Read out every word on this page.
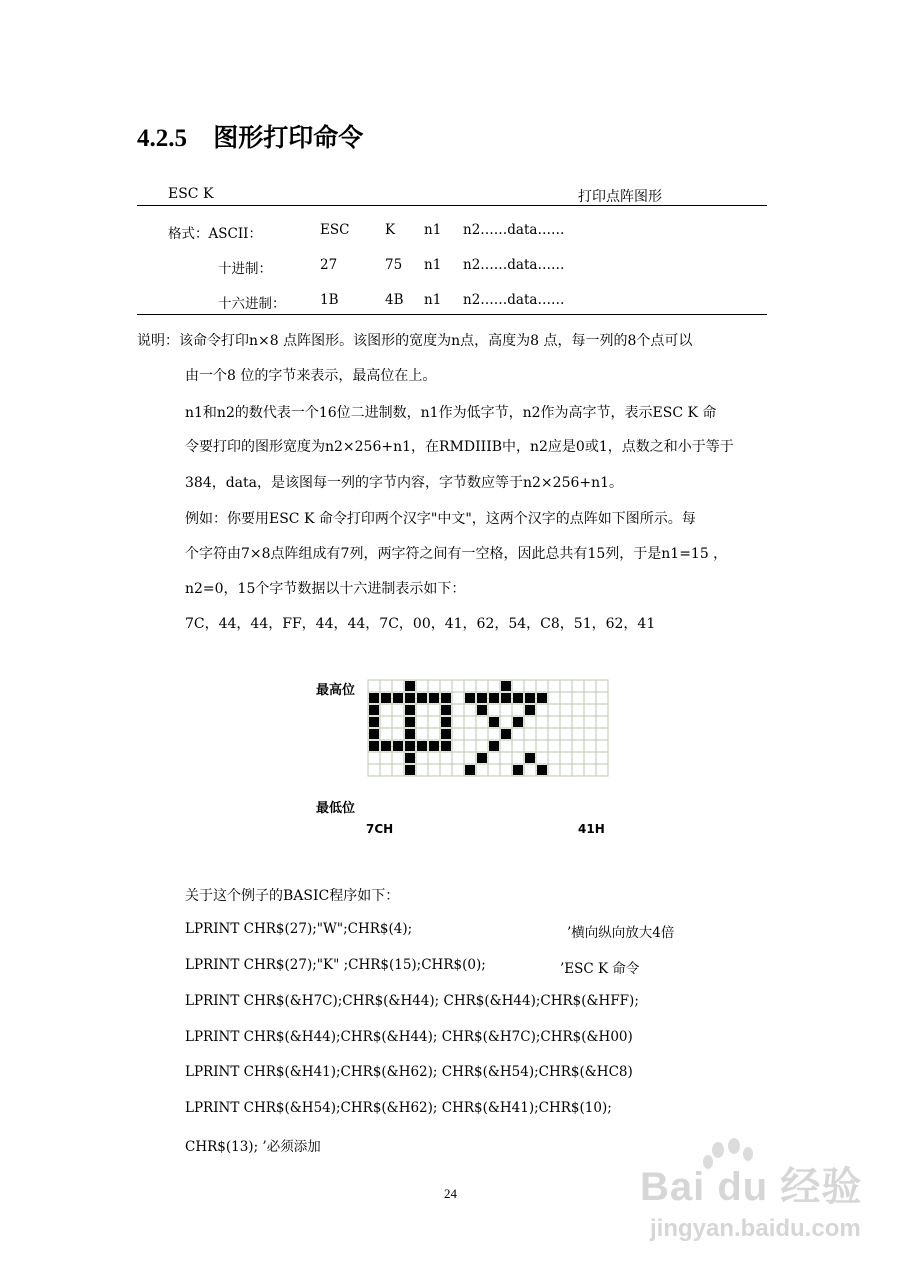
4.2.5 图形打印命令
ESC K	打印点阵图形
格式：ASCII：	ESC	K n1 n2……data……
十进制：	27	75 n1 n2……data……
十六进制：	1B	4B n1 n2……data……
说明：该命令打印n×8 点阵图形。该图形的宽度为n点，高度为8 点，每一列的8个点可以
由一个8 位的字节来表示，最高位在上。
n1和n2的数代表一个16位二进制数，n1作为低字节，n2作为高字节，表示ESC K 命
令要打印的图形宽度为n2×256+n1，在RMDIIIB中，n2应是0或1，点数之和小于等于
384，data，是该图每一列的字节内容，字节数应等于n2×256+n1。
例如：你要用ESC K 命令打印两个汉字"中文"，这两个汉字的点阵如下图所示。每
个字符由7×8点阵组成有7列，两字符之间有一空格，因此总共有15列，于是n1=15 ，
n2=0，15个字节数据以十六进制表示如下：
7C，44，44，FF，44，44，7C，00，41，62，54，C8，51，62，41
最高位
最低位
7CH	41H
关于这个例子的BASIC程序如下：
LPRINT CHR$(27);"W";CHR$(4);	’横向纵向放大4倍
LPRINT CHR$(27);"K" ;CHR$(15);CHR$(0);	’ESC K 命令
LPRINT CHR$(&H7C);CHR$(&H44); CHR$(&H44);CHR$(&HFF);
LPRINT CHR$(&H44);CHR$(&H44); CHR$(&H7C);CHR$(&H00)
LPRINT CHR$(&H41);CHR$(&H62); CHR$(&H54);CHR$(&HC8)
LPRINT CHR$(&H54);CHR$(&H62); CHR$(&H41);CHR$(10);
CHR$(13); ’必须添加
24	Bai du 经验
jingyan.baidu.com
